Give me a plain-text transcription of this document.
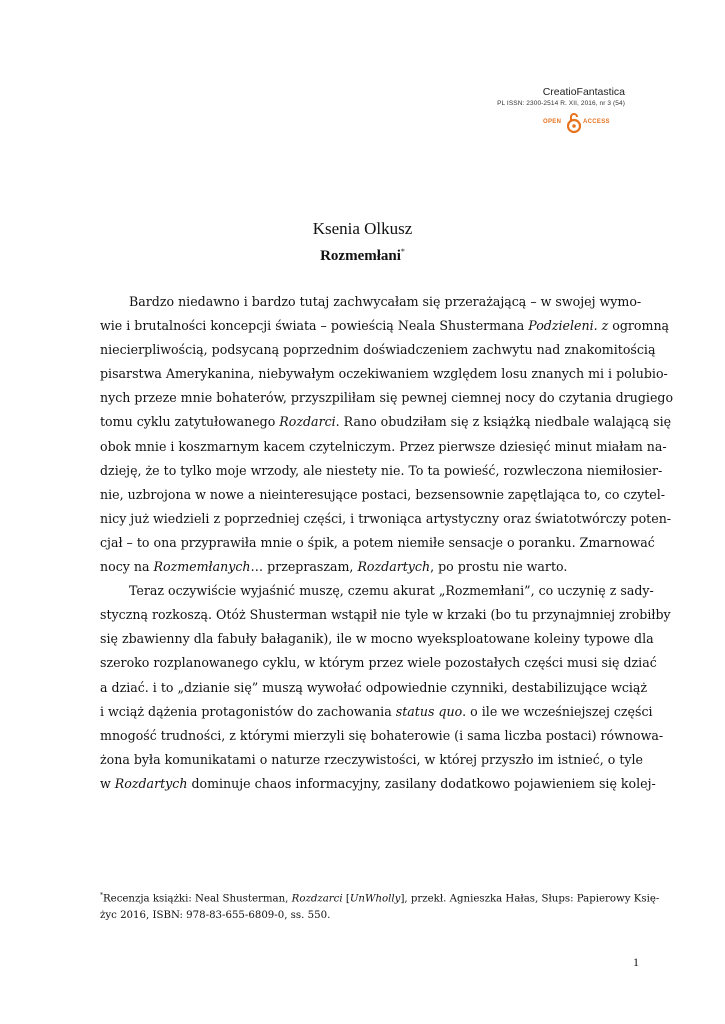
CreatioFantastica
PL ISSN: 2300-2514 R. XII, 2016, nr 3 (54)
OPEN	ACCESS
Ksenia Olkusz
Rozmemłani*
Bardzo niedawno i bardzo tutaj zachwycałam się przerażającą – w swojej wymo-
wie i brutalności koncepcji świata – powieścią Neala Shustermana Podzieleni. z ogromną
niecierpliwością, podsycaną poprzednim doświadczeniem zachwytu nad znakomitością
pisarstwa Amerykanina, niebywałym oczekiwaniem względem losu znanych mi i polubio-
nych przeze mnie bohaterów, przyszpiliłam się pewnej ciemnej nocy do czytania drugiego
tomu cyklu zatytułowanego Rozdarci. Rano obudziłam się z książką niedbale walającą się
obok mnie i koszmarnym kacem czytelniczym. Przez pierwsze dziesięć minut miałam na-
dzieję, że to tylko moje wrzody, ale niestety nie. To ta powieść, rozwleczona niemiłosier-
nie, uzbrojona w nowe a nieinteresujące postaci, bezsensownie zapętlająca to, co czytel-
nicy już wiedzieli z poprzedniej części, i trwoniąca artystyczny oraz światotwórczy poten-
cjał – to ona przyprawiła mnie o śpik, a potem niemiłe sensacje o poranku. Zmarnować
nocy na Rozmemłanych… przepraszam, Rozdartych, po prostu nie warto.
Teraz oczywiście wyjaśnić muszę, czemu akurat „Rozmemłani”, co uczynię z sady-
styczną rozkoszą. Otóż Shusterman wstąpił nie tyle w krzaki (bo tu przynajmniej zrobiłby
się zbawienny dla fabuły bałaganik), ile w mocno wyeksploatowane koleiny typowe dla
szeroko rozplanowanego cyklu, w którym przez wiele pozostałych części musi się dziać
a dziać. i to „dzianie się” muszą wywołać odpowiednie czynniki, destabilizujące wciąż
i wciąż dążenia protagonistów do zachowania status quo. o ile we wcześniejszej części
mnogość trudności, z którymi mierzyli się bohaterowie (i sama liczba postaci) równowa-
żona była komunikatami o naturze rzeczywistości, w której przyszło im istnieć, o tyle
w Rozdartych dominuje chaos informacyjny, zasilany dodatkowo pojawieniem się kolej-
*Recenzja książki: Neal Shusterman, Rozdzarci [UnWholly], przekł. Agnieszka Hałas, Słups: Papierowy Księ-
życ 2016, ISBN: 978-83-655-6809-0, ss. 550.
1
